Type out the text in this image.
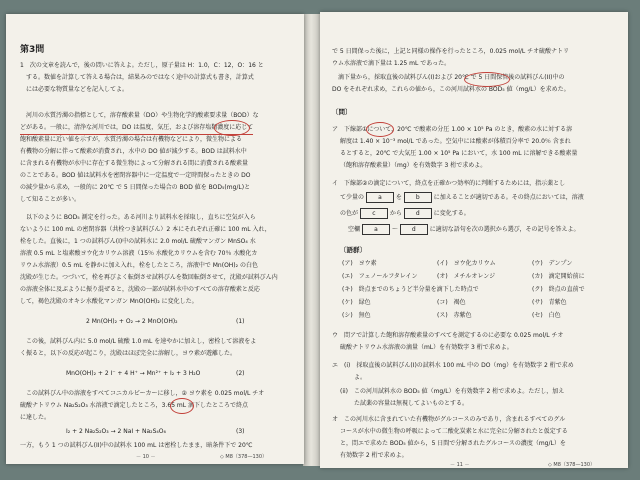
第3問
1　次の文章を読んで，後の問いに答えよ。ただし，原子量は H：1.0，C：12，O：16 と
する。数値を計算して答える場合は，結果みのではなく途中の計算式も書き，計算式
には必要な物質量などを記入してよ。
河川の水質汚濁の指標として，溶存酸素量（DO）や生物化学的酸素要求量（BOD）な
どがある。一般に，清浄な河川では，DO は温度，気圧，および溶存塩類濃度に応じて
飽和酸素量に近い値を示すが，水質汚濁の場合は有機物などにより，微生物による
有機物の分解に伴って酸素が消費され，水中の DO 値が減少する。BOD は試料水中
に含まれる有機物が水中に存在する微生物によって分解される間に消費される酸素量
のことである。BOD 値は試料水を密閉容器中に一定温度で一定時間保ったときの DO
の減少量から求め，一般的に 20℃ で 5 日間保った場合の BOD 値を BOD₅(mg/L)と
して知ることが多い。
以下のように BOD₅ 測定を行った。ある河川より試料水を採取し，直ちに空気が入ら
ないように 100 mL の密閉容器（共栓つき試料びん）2 本にそれぞれ正確に 100 mL 入れ，
栓をした。直後に，1 つの試料びん(I)中の試料水に 2.0 mol/L 硫酸マンガン MnSO₄ 水
溶液 0.5 mL と塩素酸ヨウ化カリウム溶液（15％ 水酸化カリウムを含む 70％ 水酸化カ
リウム水溶液）0.5 mL を静かに加え入れ，栓をしたところ，溶液中で Mn(OH)₂ の白色
沈殿が生じた。つづいて，栓を再びよく転倒させ試料びんを数回転倒させて，沈殿が試料びん内
の溶液全体に及ぶように振り混ぜると，沈殿の一部が試料水中のすべての溶存酸素と反応
して，褐色沈殿のオキシ水酸化マンガン MnO(OH)₂ に変化した。
2 Mn(OH)₂ + O₂ → 2 MnO(OH)₂	(1)
この後，試料びん内に 5.0 mol/L 硫酸 1.0 mL を速やかに加えし，密栓して溶液をよ
く振ると，以下の反応が起こり，沈殿はほぼ完全に溶解し，ヨウ素が遊離した。
MnO(OH)₂ + 2 I⁻ + 4 H⁺ → Mn²⁺ + I₂ + 3 H₂O	(2)
この試料びん中の溶液をすべてコニカルビーカーに移し，② ヨウ素を 0.025 mol/L チオ
硫酸ナトリウム Na₂S₂O₃ 水溶液で滴定したところ，3.65 mL 滴下したところで終点
に達した。
I₂ + 2 Na₂S₂O₃ → 2 NaI + Na₂S₄O₆	(3)
一方，もう 1 つの試料びん(II)中の試料水 100 mL は密栓したまま，暗条件下で 20℃
－ 10 －	◇ M8（378—130）
で 5 日間保った後に，上記と同様の操作を行ったところ，0.025 mol/L チオ硫酸ナトリ
ウム水溶液で滴下量は 1.25 mL であった。
滴下量から，採取直後の試料びん(I)および 20℃ で 5 日間保管後の試料びん(II)中の
DO をそれぞれ求め，これらの値から，この河川試料水の BOD₅ 値（mg/L）を求めた。
〔問〕
ア　下線部①について，20℃ で酸素の分圧 1.00 × 10⁵ Pa のとき，酸素の水に対する溶
解度は 1.40 × 10⁻³ mol/L であった。空気中には酸素が体積百分率で 20.0％ 含まれ
るとすると，20℃ で大気圧 1.00 × 10⁵ Pa において，水 100 mL に溶解できる酸素量
（飽和溶存酸素量）（mg）を有効数字 3 桁で求めよ。
イ　下線部②の滴定について，終点を正確かつ効率的に判断するためには，指示薬とし
て少量の a を b に加えることが適切である。その終点においては，溶液
の色が c から d に変化する。
空欄 a 〜 d に適切な語句を次の選択から選び，その記号を答えよ。
〔語群〕
(ア)　ヨウ素	(イ)　ヨウ化カリウム	(ウ)　デンプン
(エ)　フェノールフタレイン	(オ)　メチルオレンジ	(カ)　滴定開始前に
(キ)　終点までのちょうど半分量を滴下した時点で	(ク)　終点の直前で
(ケ)　緑色	(コ)　褐色	(サ)　青紫色
(シ)　無色	(ス)　赤紫色	(セ)　白色
ウ　問アで計算した飽和溶存酸素量のすべてを測定するのに必要な 0.025 mol/L チオ
硫酸ナトリウム水溶液の滴量（mL）を有効数字 3 桁で求めよ。
エ　(i)　採取直後の試料びん(I)の試料水 100 mL 中の DO（mg）を有効数字 2 桁で求め
よ。
(ii)　この河川試料水の BOD₅ 値（mg/L）を有効数字 2 桁で求めよ。ただし，加え
た試薬の容量は無視してよいものとする。
オ　この河川水に含まれていた有機物がグルコースのみであり，含まれるすべてのグル
コースが水中の微生物の呼吸によって二酸化炭素と水に完全に分解されたと仮定する
と，問エで求めた BOD₅ 値から，5 日間で分解されたグルコースの濃度（mg/L）を
有効数字 2 桁で求めよ。
－ 11 －	◇ M8（378—130）
